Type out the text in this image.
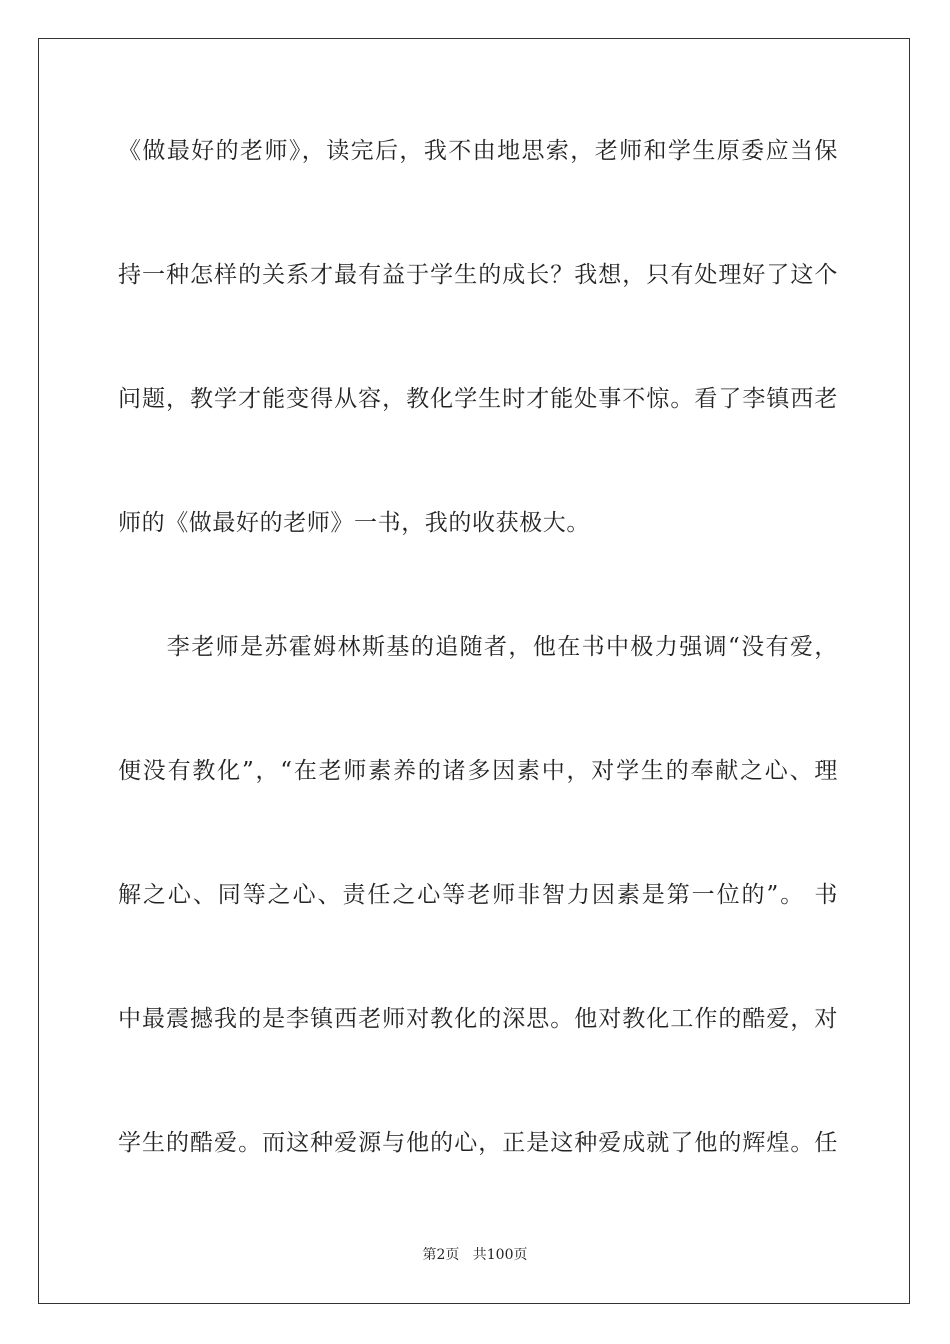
《做最好的老师》，读完后，我不由地思索，老师和学生原委应当保
持一种怎样的关系才最有益于学生的成长？我想，只有处理好了这个
问题，教学才能变得从容，教化学生时才能处事不惊。看了李镇西老
师的《做最好的老师》一书，我的收获极大。
　　李老师是苏霍姆林斯基的追随者，他在书中极力强调“没有爱，
便没有教化”，“在老师素养的诸多因素中，对学生的奉献之心、理
解之心、同等之心、责任之心等老师非智力因素是第一位的”。 书
中最震撼我的是李镇西老师对教化的深思。他对教化工作的酷爱，对
学生的酷爱。而这种爱源与他的心，正是这种爱成就了他的辉煌。任
第2页 共100页
